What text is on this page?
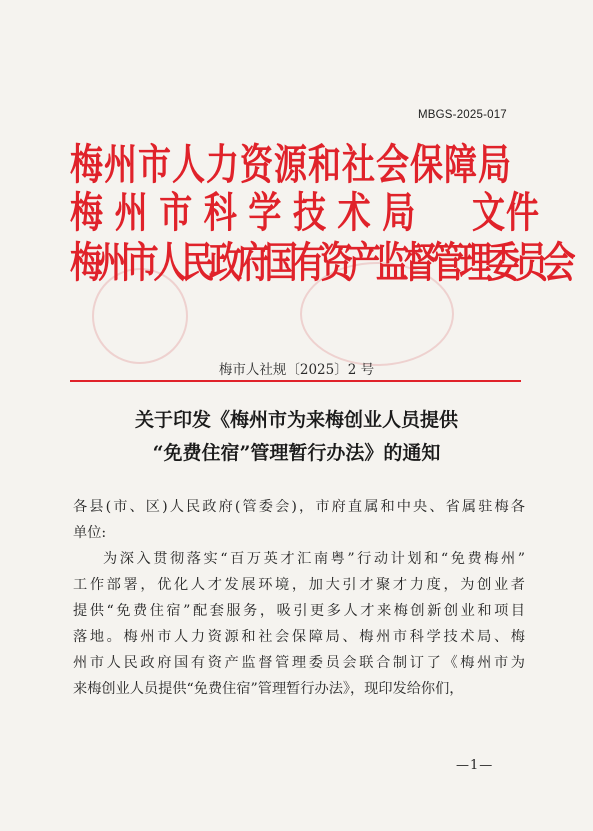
MBGS-2025-017
梅州市人力资源和社会保障局
梅州市科学技术局 文件
梅州市人民政府国有资产监督管理委员会
梅市人社规〔2025〕2 号
关于印发《梅州市为来梅创业人员提供
“免费住宿”管理暂行办法》的通知
各县(市、区)人民政府(管委会)，市府直属和中央、省属驻梅各
单位:
为深入贯彻落实“百万英才汇南粤”行动计划和“免费梅州”
工作部署，优化人才发展环境，加大引才聚才力度，为创业者
提供“免费住宿”配套服务，吸引更多人才来梅创新创业和项目
落地。梅州市人力资源和社会保障局、梅州市科学技术局、梅
州市人民政府国有资产监督管理委员会联合制订了《梅州市为
来梅创业人员提供“免费住宿”管理暂行办法》，现印发给你们，
—1—
